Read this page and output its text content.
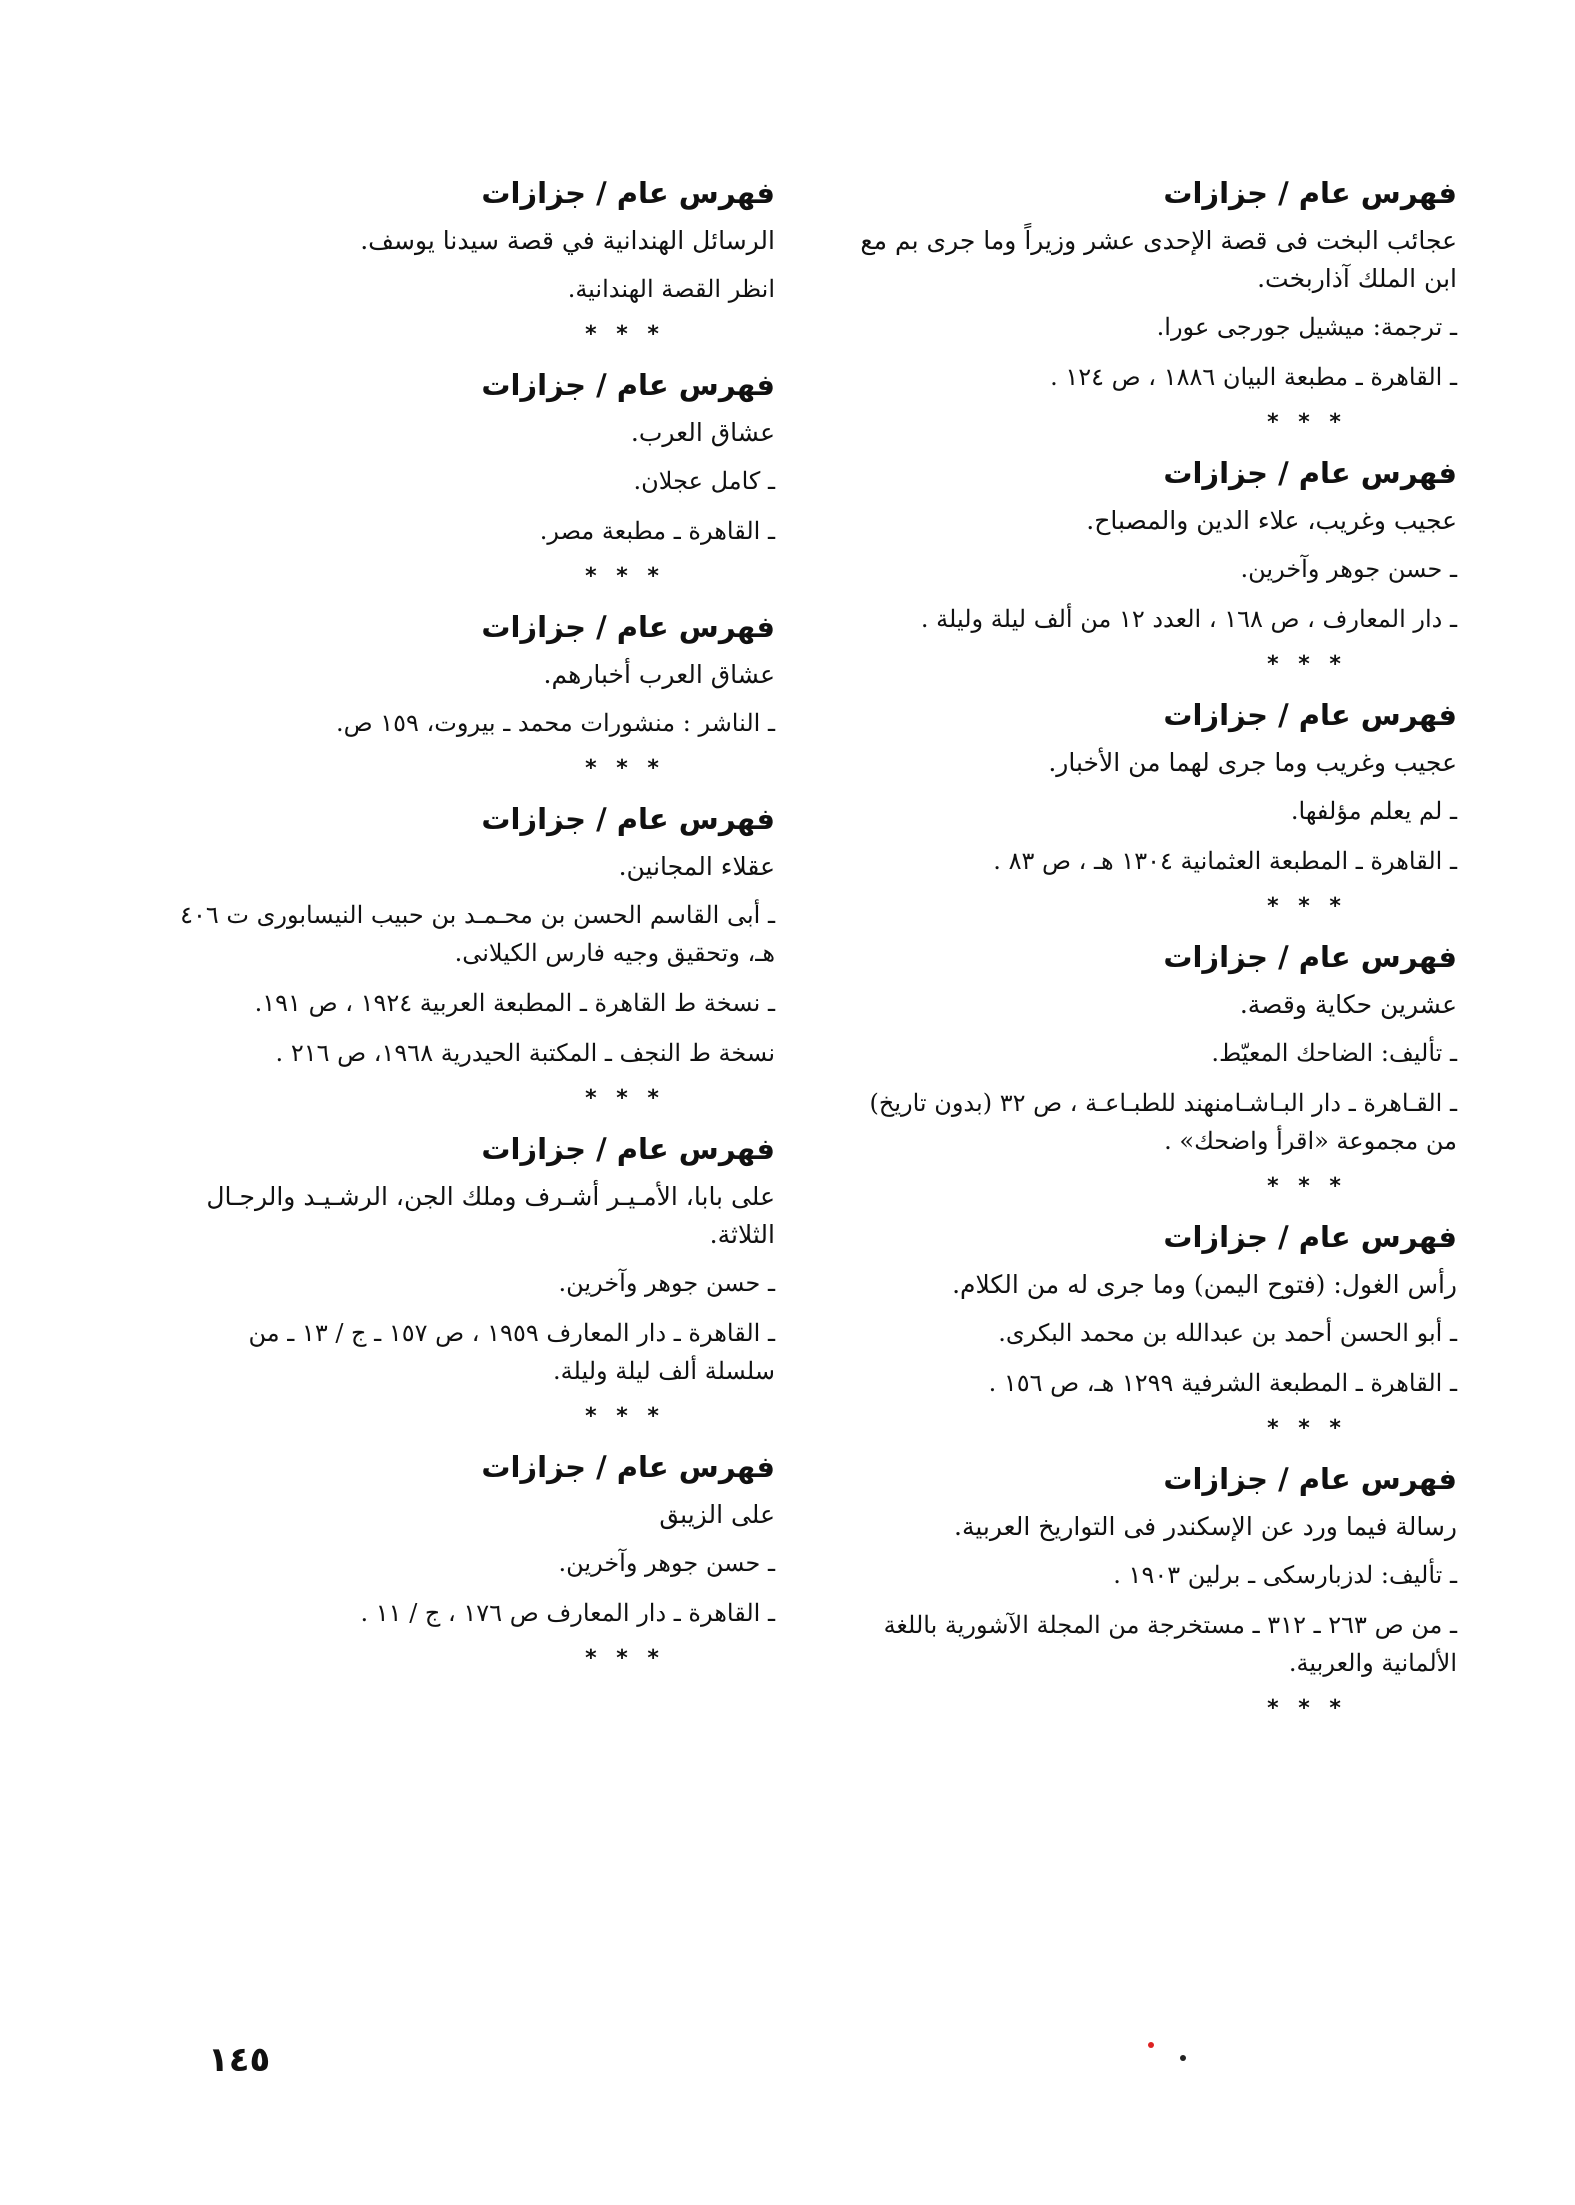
فهرس عام / جزازات
عجائب البخت فى قصة الإحدى عشر وزيراً وما جرى بم مع ابن الملك آذاربخت.
ـ ترجمة: ميشيل جورجى عورا.
ـ القاهرة ـ مطبعة البيان ١٨٨٦ ، ص ١٢٤ .
* * *
فهرس عام / جزازات
عجيب وغريب، علاء الدين والمصباح.
ـ حسن جوهر وآخرين.
ـ دار المعارف ، ص ١٦٨ ، العدد ١٢ من ألف ليلة وليلة .
* * *
فهرس عام / جزازات
عجيب وغريب وما جرى لهما من الأخبار.
ـ لم يعلم مؤلفها.
ـ القاهرة ـ المطبعة العثمانية ١٣٠٤ هـ ، ص ٨٣ .
* * *
فهرس عام / جزازات
عشرين حكاية وقصة.
ـ تأليف: الضاحك المعيّط.
ـ القـاهرة ـ دار البـاشـامنهند للطبـاعـة ، ص ٣٢ (بدون تاريخ) من مجموعة «اقرأ واضحك» .
* * *
فهرس عام / جزازات
رأس الغول: (فتوح اليمن) وما جرى له من الكلام.
ـ أبو الحسن أحمد بن عبدالله بن محمد البكرى.
ـ القاهرة ـ المطبعة الشرفية ١٢٩٩ هـ، ص ١٥٦ .
* * *
فهرس عام / جزازات
رسالة فيما ورد عن الإسكندر فى التواريخ العربية.
ـ تأليف: لدزبارسكى ـ برلين ١٩٠٣ .
ـ من ص ٢٦٣ ـ ٣١٢ ـ مستخرجة من المجلة الآشورية باللغة الألمانية والعربية.
* * *
فهرس عام / جزازات
الرسائل الهندانية في قصة سيدنا يوسف.
انظر القصة الهندانية.
* * *
فهرس عام / جزازات
عشاق العرب.
ـ كامل عجلان.
ـ القاهرة ـ مطبعة مصر.
* * *
فهرس عام / جزازات
عشاق العرب أخبارهم.
ـ الناشر : منشورات محمد ـ بيروت، ١٥٩ ص.
* * *
فهرس عام / جزازات
عقلاء المجانين.
ـ أبى القاسم الحسن بن محـمـد بن حبيب النيسابورى ت ٤٠٦ هـ، وتحقيق وجيه فارس الكيلانى.
ـ نسخة ط القاهرة ـ المطبعة العربية ١٩٢٤ ، ص ١٩١.
نسخة ط النجف ـ المكتبة الحيدرية ١٩٦٨، ص ٢١٦ .
* * *
فهرس عام / جزازات
على بابا، الأمـيـر أشـرف وملك الجن، الرشـيـد والرجـال الثلاثة.
ـ حسن جوهر وآخرين.
ـ القاهرة ـ دار المعارف ١٩٥٩ ، ص ١٥٧ ـ ج / ١٣ ـ من سلسلة ألف ليلة وليلة.
* * *
فهرس عام / جزازات
على الزيبق
ـ حسن جوهر وآخرين.
ـ القاهرة ـ دار المعارف ص ١٧٦ ، ج / ١١ .
* * *
١٤٥
